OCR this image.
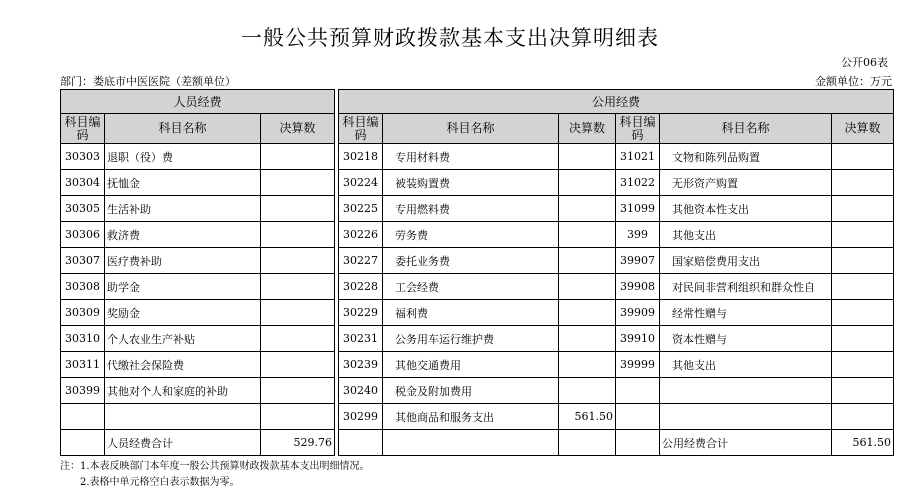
一般公共预算财政拨款基本支出决算明细表
公开06表
部门：娄底市中医医院（差额单位）	金额单位：万元
人员经费				公用经费					
科目编码	科目名称	决算数		科目编码	科目名称	决算数	科目编码	科目名称	决算数
30303	退职（役）费			30218	专用材料费		31021	文物和陈列品购置	
30304	抚恤金			30224	被装购置费		31022	无形资产购置	
30305	生活补助			30225	专用燃料费		31099	其他资本性支出	
30306	救济费			30226	劳务费		399	其他支出	
30307	医疗费补助			30227	委托业务费		39907	国家赔偿费用支出	
30308	助学金			30228	工会经费		39908	对民间非营利组织和群众性自	
30309	奖励金			30229	福利费		39909	经常性赠与	
30310	个人农业生产补贴			30231	公务用车运行维护费		39910	资本性赠与	
30311	代缴社会保险费			30239	其他交通费用		39999	其他支出	
30399	其他对个人和家庭的补助			30240	税金及附加费用				
				30299	其他商品和服务支出	561.50			
	人员经费合计	529.76						公用经费合计	561.50
注：1.本表反映部门本年度一般公共预算财政拨款基本支出明细情况。
2.表格中单元格空白表示数据为零。
